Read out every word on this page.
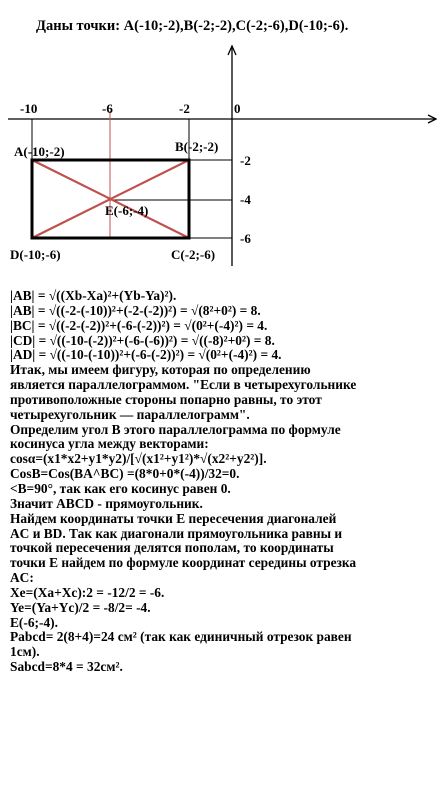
Даны точки: A(-10;-2),B(-2;-2),C(-2;-6),D(-10;-6).
-10	-6	-2	0
-2
-4
-6
A(-10;-2)	B(-2;-2)
C(-2;-6)
D(-10;-6)
E(-6;-4)
|AB| = √((Xb-Xa)²+(Yb-Ya)²).
|AB| = √((-2-(-10))²+(-2-(-2))²) = √(8²+0²) = 8.
|BC| = √((-2-(-2))²+(-6-(-2))²) = √(0²+(-4)²) = 4.
|CD| = √((-10-(-2))²+(-6-(-6))²) = √((-8)²+0²) = 8.
|AD| = √((-10-(-10))²+(-6-(-2))²) = √(0²+(-4)²) = 4.
Итак, мы имеем фигуру, которая по определению
является параллелограммом. "Если в четырехугольнике
противоположные стороны попарно равны, то этот
четырехугольник — параллелограмм".
Определим угол B этого параллелограмма по формуле
косинуса угла между векторами:
cosα=(x1*x2+y1*y2)/[√(x1²+y1²)*√(x2²+y2²)].
CosB=Cos(BA^BC) =(8*0+0*(-4))/32=0.
<B=90°, так как его косинус равен 0.
Значит ABCD - прямоугольник.
Найдем координаты точки E пересечения диагоналей
AC и BD. Так как диагонали прямоугольника равны и
точкой пересечения делятся пополам, то координаты
точки E найдем по формуле координат середины отрезка
AC:
Xe=(Xa+Xc):2 = -12/2 = -6.
Ye=(Ya+Yc)/2 = -8/2= -4.
E(-6;-4).
Pabcd= 2(8+4)=24 см² (так как единичный отрезок равен
1см).
Sabcd=8*4 = 32см².
